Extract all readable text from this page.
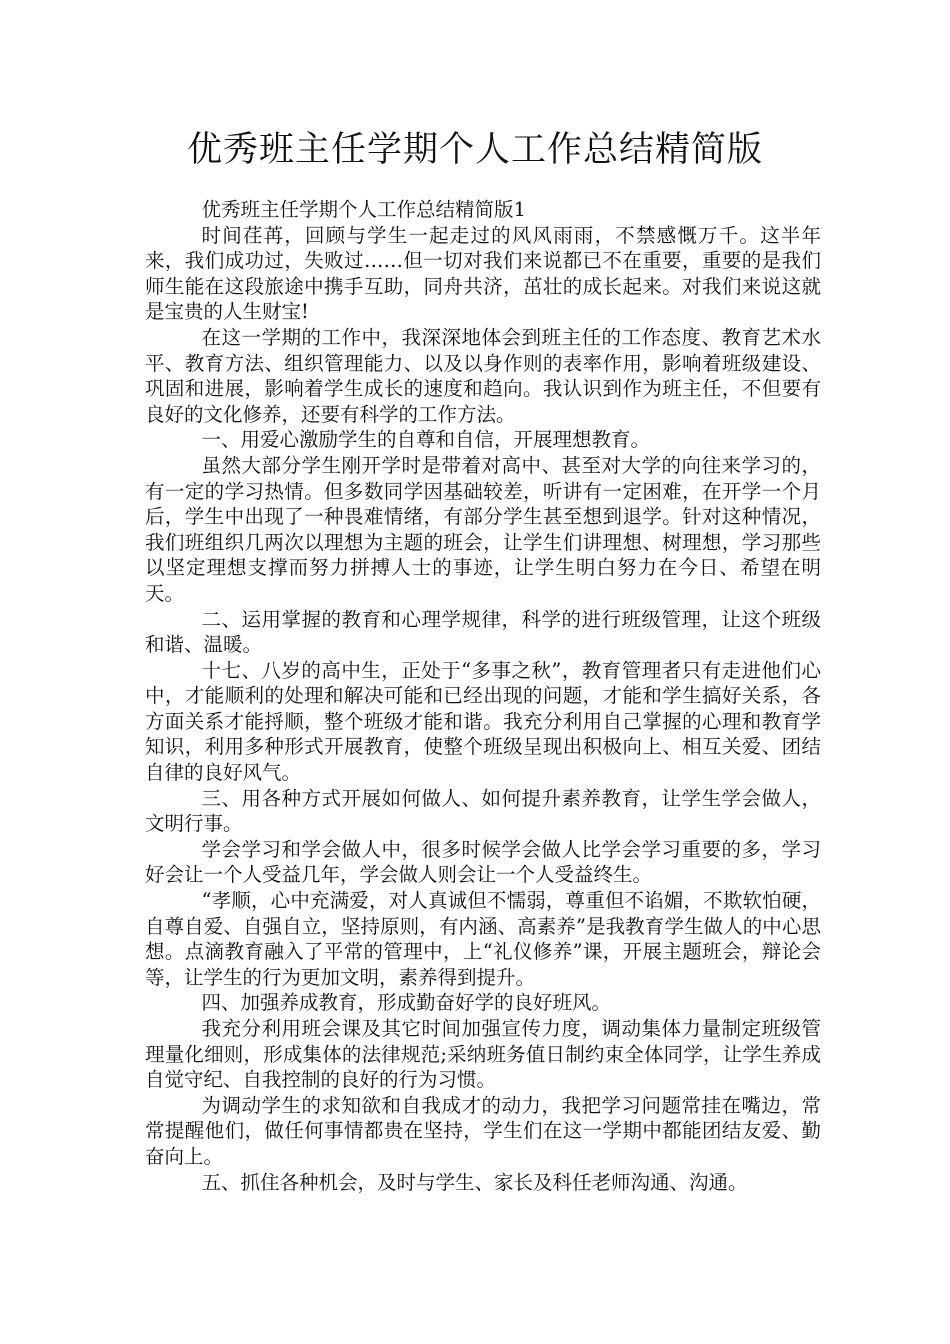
优秀班主任学期个人工作总结精简版

优秀班主任学期个人工作总结精简版1

时间荏苒，回顾与学生一起走过的风风雨雨，不禁感慨万千。这半年来，我们成功过，失败过……但一切对我们来说都已不在重要，重要的是我们师生能在这段旅途中携手互助，同舟共济，茁壮的成长起来。对我们来说这就是宝贵的人生财宝!

在这一学期的工作中，我深深地体会到班主任的工作态度、教育艺术水平、教育方法、组织管理能力、以及以身作则的表率作用，影响着班级建设、巩固和进展，影响着学生成长的速度和趋向。我认识到作为班主任，不但要有良好的文化修养，还要有科学的工作方法。

一、用爱心激励学生的自尊和自信，开展理想教育。

虽然大部分学生刚开学时是带着对高中、甚至对大学的向往来学习的，有一定的学习热情。但多数同学因基础较差，听讲有一定困难，在开学一个月后，学生中出现了一种畏难情绪，有部分学生甚至想到退学。针对这种情况，我们班组织几两次以理想为主题的班会，让学生们讲理想、树理想，学习那些以坚定理想支撑而努力拼搏人士的事迹，让学生明白努力在今日、希望在明天。

二、运用掌握的教育和心理学规律，科学的进行班级管理，让这个班级和谐、温暖。

十七、八岁的高中生，正处于“多事之秋”，教育管理者只有走进他们心中，才能顺利的处理和解决可能和已经出现的问题，才能和学生搞好关系，各方面关系才能捋顺，整个班级才能和谐。我充分利用自己掌握的心理和教育学知识，利用多种形式开展教育，使整个班级呈现出积极向上、相互关爱、团结自律的良好风气。

三、用各种方式开展如何做人、如何提升素养教育，让学生学会做人，文明行事。

学会学习和学会做人中，很多时候学会做人比学会学习重要的多，学习好会让一个人受益几年，学会做人则会让一个人受益终生。

“孝顺，心中充满爱，对人真诚但不懦弱，尊重但不谄媚，不欺软怕硬，自尊自爱、自强自立，坚持原则，有内涵、高素养”是我教育学生做人的中心思想。点滴教育融入了平常的管理中，上“礼仪修养”课，开展主题班会，辩论会等，让学生的行为更加文明，素养得到提升。

四、加强养成教育，形成勤奋好学的良好班风。

我充分利用班会课及其它时间加强宣传力度，调动集体力量制定班级管理量化细则，形成集体的法律规范;采纳班务值日制约束全体同学，让学生养成自觉守纪、自我控制的良好的行为习惯。

为调动学生的求知欲和自我成才的动力，我把学习问题常挂在嘴边，常常提醒他们，做任何事情都贵在坚持，学生们在这一学期中都能团结友爱、勤奋向上。

五、抓住各种机会，及时与学生、家长及科任老师沟通、沟通。
